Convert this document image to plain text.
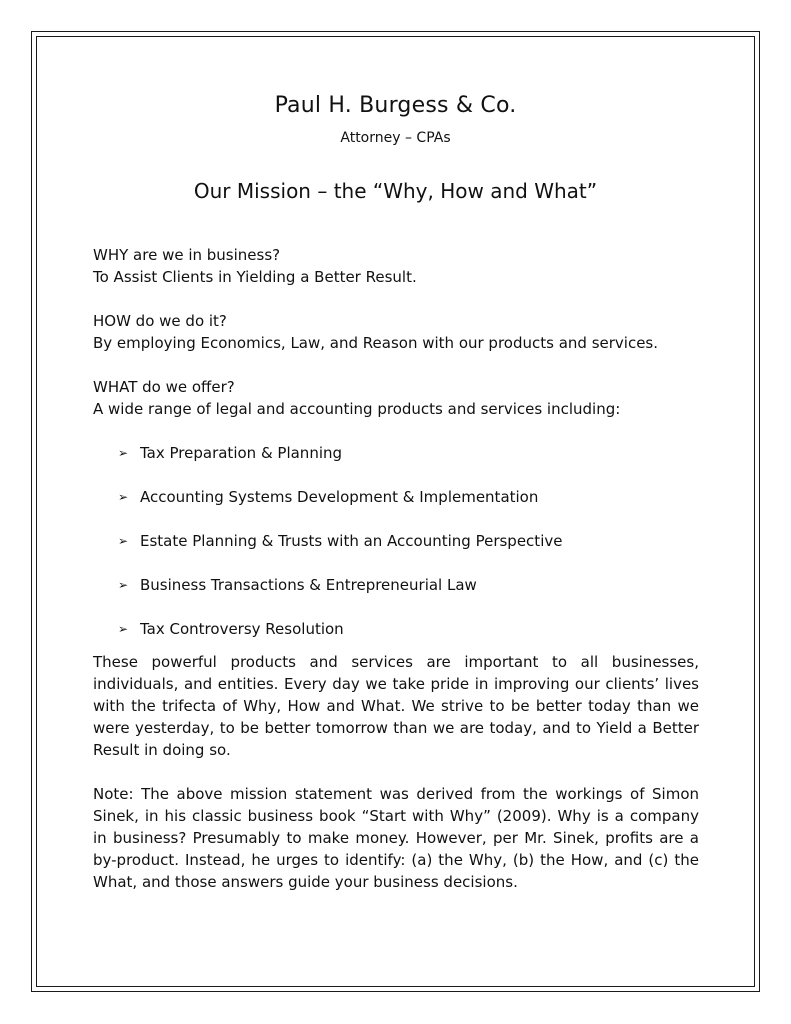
Paul H. Burgess & Co.
Attorney – CPAs
Our Mission – the “Why, How and What”
WHY are we in business?
To Assist Clients in Yielding a Better Result.
HOW do we do it?
By employing Economics, Law, and Reason with our products and services.
WHAT do we offer?
A wide range of legal and accounting products and services including:
➢ Tax Preparation & Planning
➢ Accounting Systems Development & Implementation
➢ Estate Planning & Trusts with an Accounting Perspective
➢ Business Transactions & Entrepreneurial Law
➢ Tax Controversy Resolution

These powerful products and services are important to all businesses, individuals, and entities. Every day we take pride in improving our clients’ lives with the trifecta of Why, How and What. We strive to be better today than we were yesterday, to be better tomorrow than we are today, and to Yield a Better Result in doing so.

Note: The above mission statement was derived from the workings of Simon Sinek, in his classic business book “Start with Why” (2009). Why is a company in business? Presumably to make money. However, per Mr. Sinek, profits are a by-product. Instead, he urges to identify: (a) the Why, (b) the How, and (c) the What, and those answers guide your business decisions.
